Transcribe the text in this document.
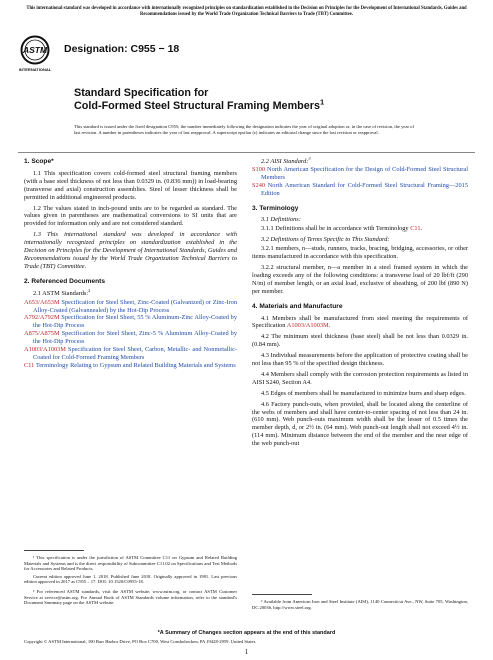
This international standard was developed in accordance with internationally recognized principles on standardization established in the Decision on Principles for the Development of International Standards, Guides and Recommendations issued by the World Trade Organization Technical Barriers to Trade (TBT) Committee.
ASTM
INTERNATIONAL
Designation: C955 − 18
Standard Specification for
Cold-Formed Steel Structural Framing Members$^1$
This standard is issued under the fixed designation C955; the number immediately following the designation indicates the year of original adoption or, in the case of revision, the year of last revision. A number in parentheses indicates the year of last reapproval. A superscript epsilon (ε) indicates an editorial change since the last revision or reapproval.
1. Scope*

1.1 This specification covers cold-formed steel structural framing members (with a base steel thickness of not less than 0.0329 in. (0.836 mm)) in load-bearing (transverse and axial) construction assemblies. Steel of lesser thickness shall be permitted in additional engineered products.

1.2 The values stated in inch-pound units are to be regarded as standard. The values given in parentheses are mathematical conversions to SI units that are provided for information only and are not considered standard.

1.3 This international standard was developed in accordance with internationally recognized principles on standardization established in the Decision on Principles for the Development of International Standards, Guides and Recommendations issued by the World Trade Organization Technical Barriers to Trade (TBT) Committee.

2. Referenced Documents

2.1 ASTM Standards:$^2$

A653/A653M Specification for Steel Sheet, Zinc-Coated (Galvanized) or Zinc-Iron Alloy-Coated (Galvannealed) by the Hot-Dip Process

A792/A792M Specification for Steel Sheet, 55 % Aluminum-Zinc Alloy-Coated by the Hot-Dip Process

A875/A875M Specification for Steel Sheet, Zinc-5 % Aluminum Alloy-Coated by the Hot-Dip Process

A1003/A1003M Specification for Steel Sheet, Carbon, Metallic- and Nonmetallic-Coated for Cold-Formed Framing Members

C11 Terminology Relating to Gypsum and Related Building Materials and Systems

¹ This specification is under the jurisdiction of ASTM Committee C11 on Gypsum and Related Building Materials and Systems and is the direct responsibility of Subcommittee C11.02 on Specifications and Test Methods for Accessories and Related Products.

Current edition approved June 1, 2018. Published June 2018. Originally approved in 1981. Last previous edition approved in 2017 as C955 – 17. DOI: 10.1520/C0955-18.

² For referenced ASTM standards, visit the ASTM website, www.astm.org, or contact ASTM Customer Service at service@astm.org. For Annual Book of ASTM Standards volume information, refer to the standard's Document Summary page on the ASTM website.

2.2 AISI Standard:$^3$

S100 North American Specification for the Design of Cold-Formed Steel Structural Members

S240 North American Standard for Cold-Formed Steel Structural Framing—2015 Edition

3. Terminology

3.1 Definitions:

3.1.1 Definitions shall be in accordance with Terminology C11.

3.2 Definitions of Terms Specific to This Standard:

3.2.1 members, n—studs, runners, tracks, bracing, bridging, accessories, or other items manufactured in accordance with this specification.

3.2.2 structural member, n—a member in a steel framed system in which the loading exceeds any of the following conditions: a transverse load of 20 lbf/ft (290 N/m) of member length, or an axial load, exclusive of sheathing, of 200 lbf (890 N) per member.

4. Materials and Manufacture

4.1 Members shall be manufactured from steel meeting the requirements of Specification A1003/A1003M.

4.2 The minimum steel thickness (base steel) shall be not less than 0.0329 in. (0.84 mm).

4.3 Individual measurements before the application of protective coating shall be not less than 95 % of the specified design thickness.

4.4 Members shall comply with the corrosion protection requirements as listed in AISI S240, Section A4.

4.5 Edges of members shall be manufactured to minimize burrs and sharp edges.

4.6 Factory punch-outs, when provided, shall be located along the centerline of the webs of members and shall have center-to-center spacing of not less than 24 in. (610 mm). Web punch-outs maximum width shall be the lesser of 0.5 times the member depth, d, or 2½ in. (64 mm). Web punch-out length shall not exceed 4½ in. (114 mm). Minimum distance between the end of the member and the near edge of the web punch-out

³ Available from American Iron and Steel Institute (AISI), 1140 Connecticut Ave., NW, Suite 705, Washington, DC 20036, http://www.steel.org.
*A Summary of Changes section appears at the end of this standard
Copyright © ASTM International, 100 Barr Harbor Drive, PO Box C700, West Conshohocken, PA 19428-2959. United States
1
